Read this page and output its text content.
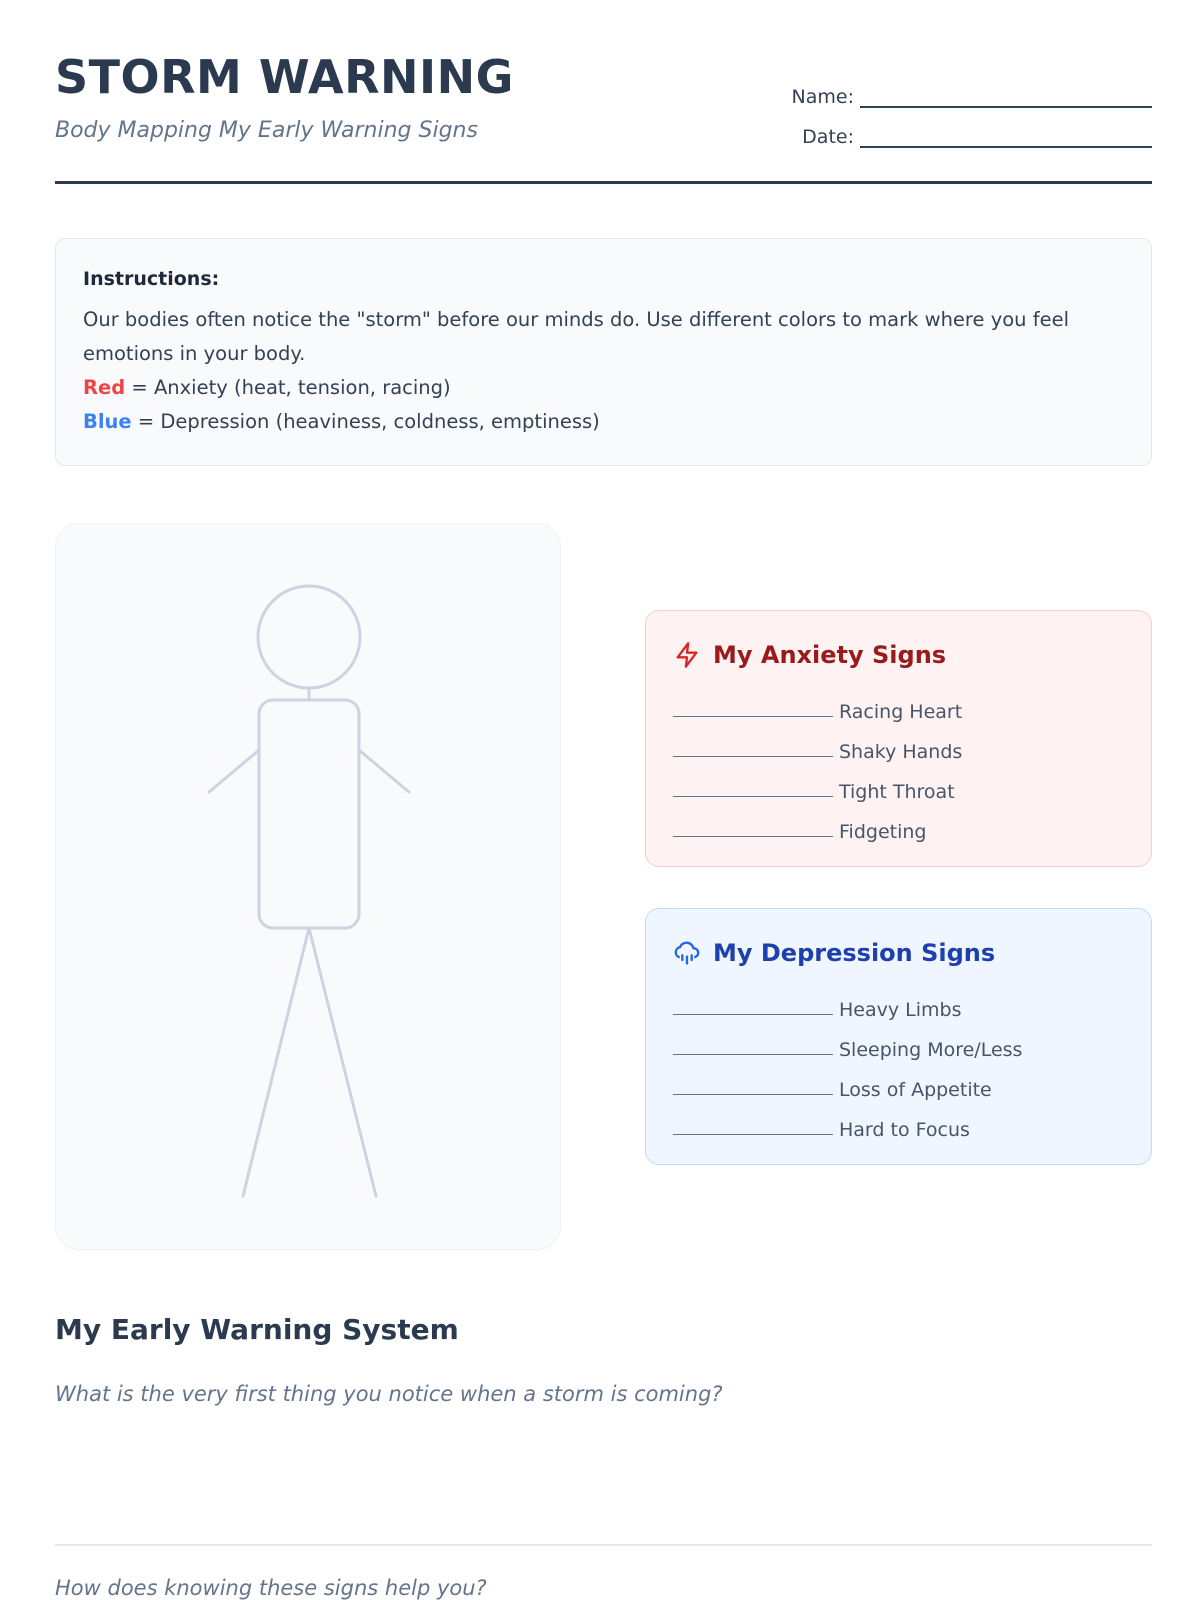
STORM WARNING
Body Mapping My Early Warning Signs
Name:
Date:
Instructions:
Our bodies often notice the "storm" before our minds do. Use different colors to mark where you feel emotions in your body.
Red = Anxiety (heat, tension, racing)
Blue = Depression (heaviness, coldness, emptiness)
My Anxiety Signs
Racing Heart
Shaky Hands
Tight Throat
Fidgeting
My Depression Signs
Heavy Limbs
Sleeping More/Less
Loss of Appetite
Hard to Focus
My Early Warning System
What is the very first thing you notice when a storm is coming?
How does knowing these signs help you?
